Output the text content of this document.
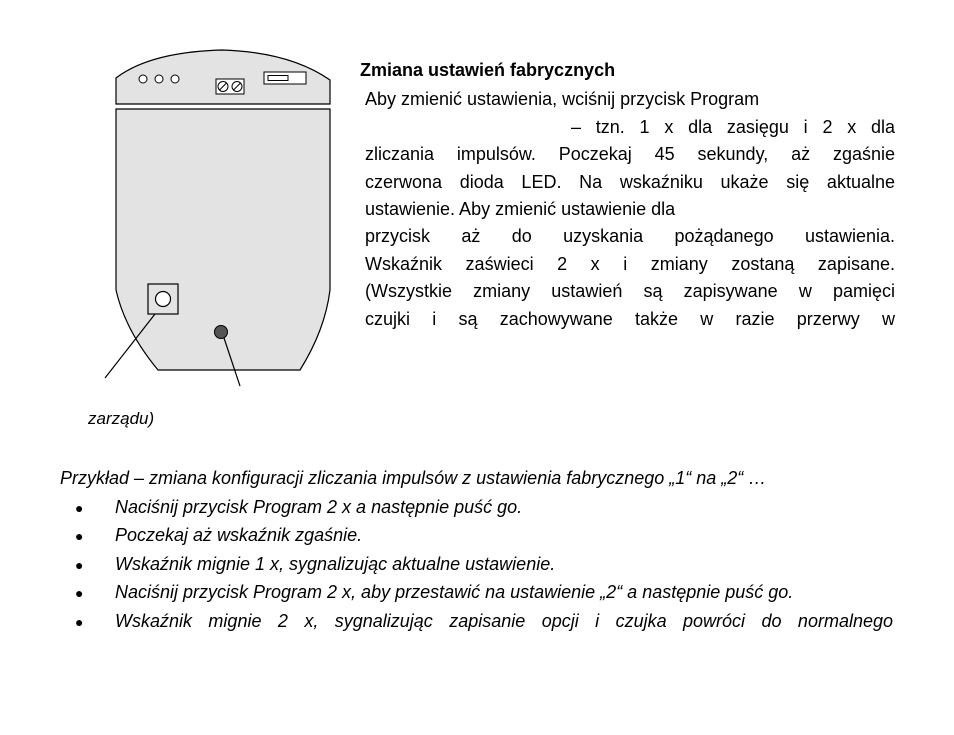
Zmiana ustawień fabrycznych
Aby zmienić ustawienia, wciśnij przycisk Program
– tzn. 1 x dla zasięgu i 2 x dla
zliczania impulsów. Poczekaj 45 sekundy, aż zgaśnie
czerwona dioda LED. Na wskaźniku ukaże się aktualne
ustawienie. Aby zmienić ustawienie dla
przycisk aż do uzyskania pożądanego ustawienia.
Wskaźnik zaświeci 2 x i zmiany zostaną zapisane.
(Wszystkie zmiany ustawień są zapisywane w pamięci
czujki i są zachowywane także w razie przerwy w
zarządu)
Przykład – zmiana konfiguracji zliczania impulsów z ustawienia fabrycznego „1“ na „2“ …
● Naciśnij przycisk Program 2 x a następnie puść go.
● Poczekaj aż wskaźnik zgaśnie.
● Wskaźnik mignie 1 x, sygnalizując aktualne ustawienie.
● Naciśnij przycisk Program 2 x, aby przestawić na ustawienie „2“ a następnie puść go.
● Wskaźnik mignie 2 x, sygnalizując zapisanie opcji i czujka powróci do normalnego
